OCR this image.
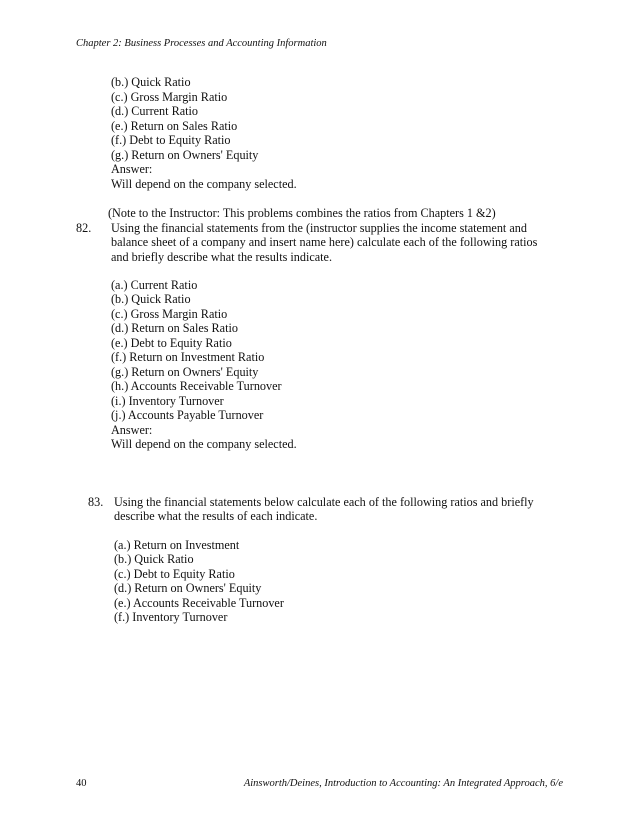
Chapter 2: Business Processes and Accounting Information
(b.) Quick Ratio
(c.) Gross Margin Ratio
(d.) Current Ratio
(e.) Return on Sales Ratio
(f.) Debt to Equity Ratio
(g.) Return on Owners' Equity
Answer:
Will depend on the company selected.
(Note to the Instructor: This problems combines the ratios from Chapters 1 &2)
82. Using the financial statements from the (instructor supplies the income statement and
balance sheet of a company and insert name here) calculate each of the following ratios
and briefly describe what the results indicate.
(a.) Current Ratio
(b.) Quick Ratio
(c.) Gross Margin Ratio
(d.) Return on Sales Ratio
(e.) Debt to Equity Ratio
(f.) Return on Investment Ratio
(g.) Return on Owners' Equity
(h.) Accounts Receivable Turnover
(i.) Inventory Turnover
(j.) Accounts Payable Turnover
Answer:
Will depend on the company selected.
83. Using the financial statements below calculate each of the following ratios and briefly
describe what the results of each indicate.
(a.) Return on Investment
(b.) Quick Ratio
(c.) Debt to Equity Ratio
(d.) Return on Owners' Equity
(e.) Accounts Receivable Turnover
(f.) Inventory Turnover
40	Ainsworth/Deines, Introduction to Accounting: An Integrated Approach, 6/e
